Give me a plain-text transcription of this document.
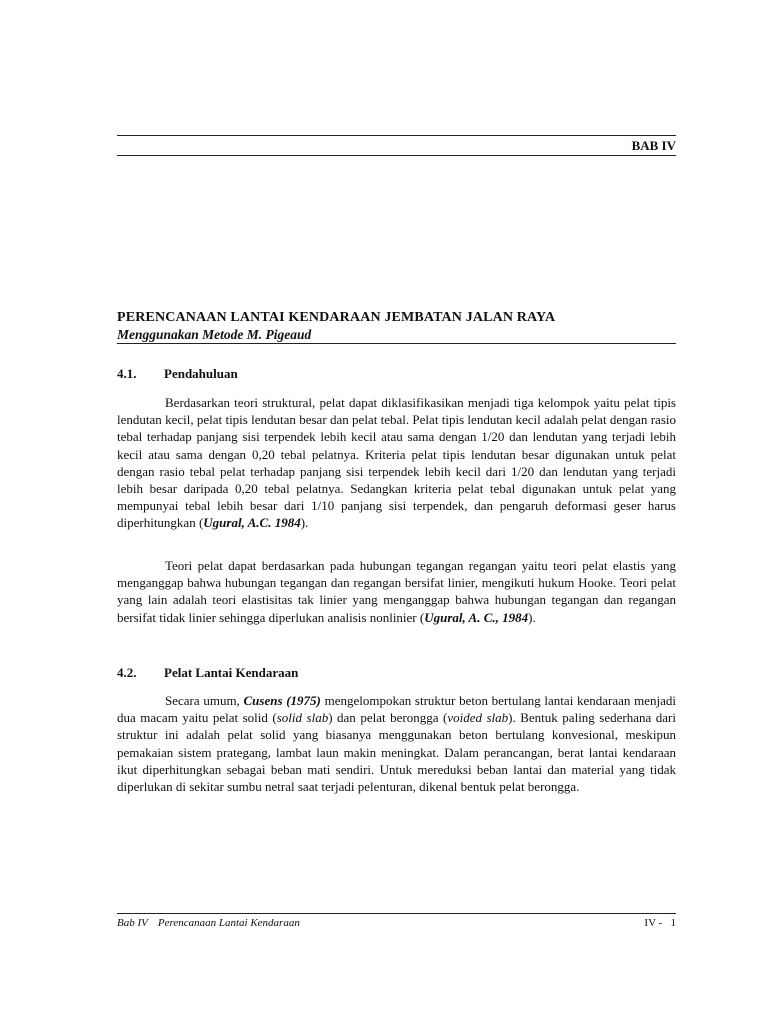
BAB IV
PERENCANAAN LANTAI KENDARAAN JEMBATAN JALAN RAYA
Menggunakan Metode M. Pigeaud
4.1. Pendahuluan

Berdasarkan teori struktural, pelat dapat diklasifikasikan menjadi tiga kelompok yaitu pelat tipis lendutan kecil, pelat tipis lendutan besar dan pelat tebal. Pelat tipis lendutan kecil adalah pelat dengan rasio tebal terhadap panjang sisi terpendek lebih kecil atau sama dengan 1/20 dan lendutan yang terjadi lebih kecil atau sama dengan 0,20 tebal pelatnya. Kriteria pelat tipis lendutan besar digunakan untuk pelat dengan rasio tebal pelat terhadap panjang sisi terpendek lebih kecil dari 1/20 dan lendutan yang terjadi lebih besar daripada 0,20 tebal pelatnya. Sedangkan kriteria pelat tebal digunakan untuk pelat yang mempunyai tebal lebih besar dari 1/10 panjang sisi terpendek, dan pengaruh deformasi geser harus diperhitungkan (Ugural, A.C. 1984).

Teori pelat dapat berdasarkan pada hubungan tegangan regangan yaitu teori pelat elastis yang menganggap bahwa hubungan tegangan dan regangan bersifat linier, mengikuti hukum Hooke. Teori pelat yang lain adalah teori elastisitas tak linier yang menganggap bahwa hubungan tegangan dan regangan bersifat tidak linier sehingga diperlukan analisis nonlinier (Ugural, A. C., 1984).

4.2. Pelat Lantai Kendaraan

Secara umum, Cusens (1975) mengelompokan struktur beton bertulang lantai kendaraan menjadi dua macam yaitu pelat solid (solid slab) dan pelat berongga (voided slab). Bentuk paling sederhana dari struktur ini adalah pelat solid yang biasanya menggunakan beton bertulang konvesional, meskipun pemakaian sistem prategang, lambat laun makin meningkat. Dalam perancangan, berat lantai kendaraan ikut diperhitungkan sebagai beban mati sendiri. Untuk mereduksi beban lantai dan material yang tidak diperlukan di sekitar sumbu netral saat terjadi pelenturan, dikenal bentuk pelat berongga.

Bab IV Perencanaan Lantai Kendaraan	IV - 1
